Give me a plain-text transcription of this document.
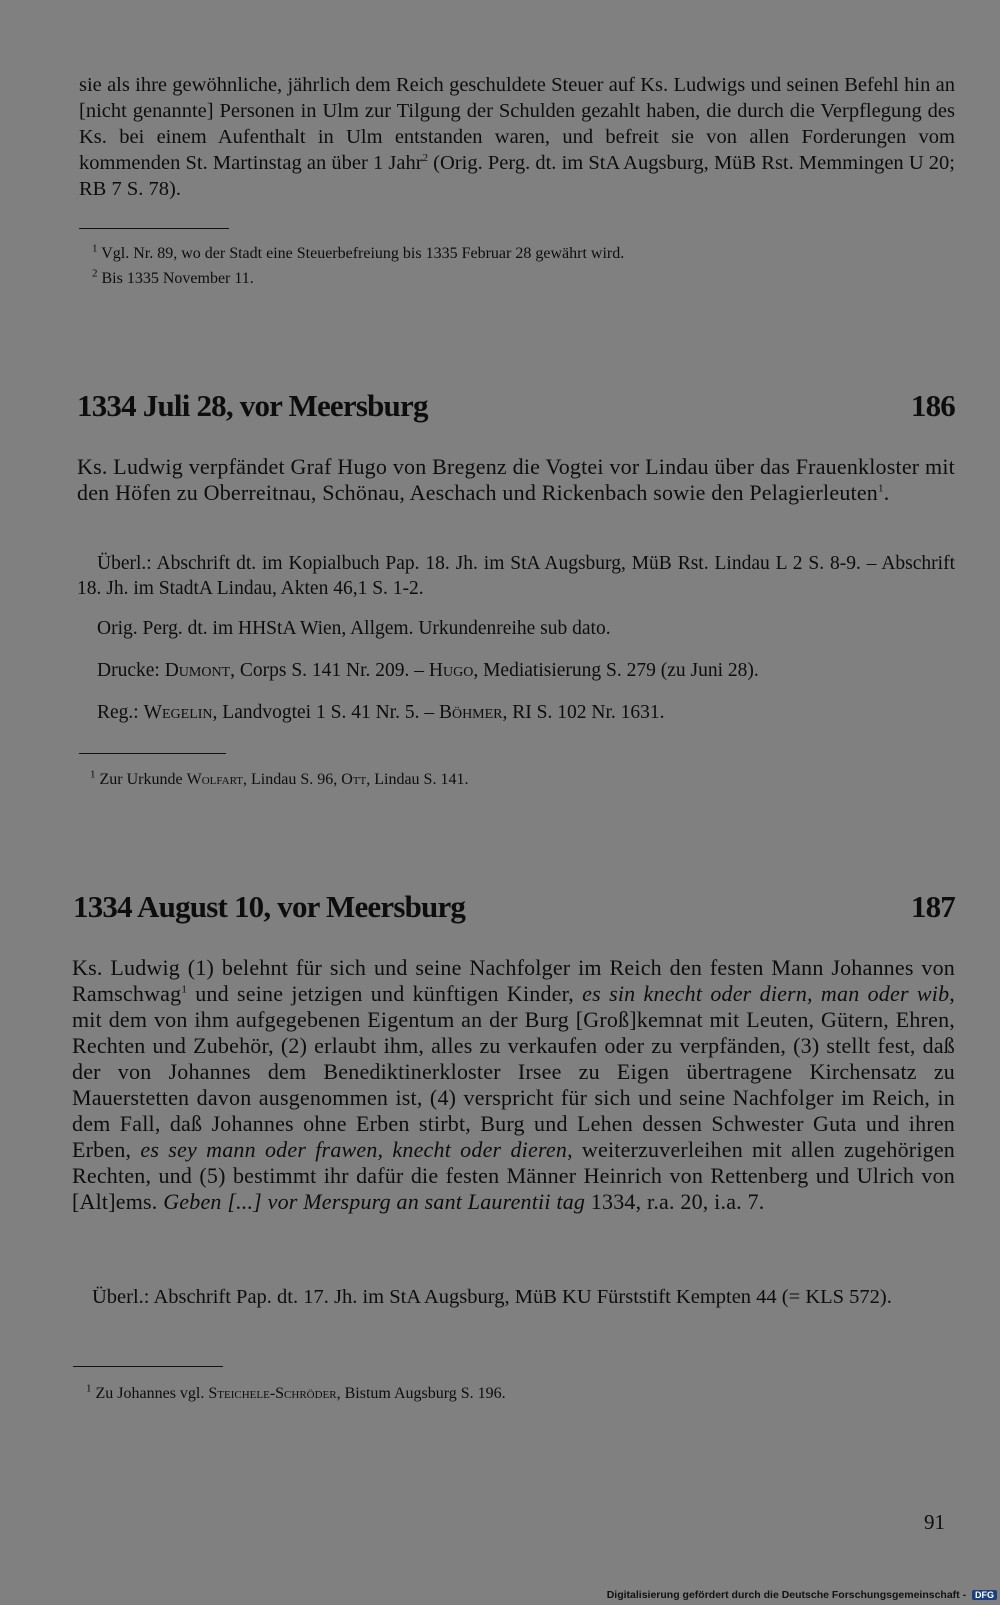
sie als ihre gewöhnliche, jährlich dem Reich geschuldete Steuer auf Ks. Ludwigs und seinen Befehl hin an [nicht genannte] Personen in Ulm zur Tilgung der Schulden gezahlt haben, die durch die Verpflegung des Ks. bei einem Aufenthalt in Ulm entstanden waren, und befreit sie von allen Forderungen vom kommenden St. Martinstag an über 1 Jahr$^2$ (Orig. Perg. dt. im StA Augsburg, MüB Rst. Memmingen U 20; RB 7 S. 78).

$^1$ Vgl. Nr. 89, wo der Stadt eine Steuerbefreiung bis 1335 Februar 28 gewährt wird.

$^2$ Bis 1335 November 11.

1334 Juli 28, vor Meersburg	186

Ks. Ludwig verpfändet Graf Hugo von Bregenz die Vogtei vor Lindau über das Frauenkloster mit den Höfen zu Oberreitnau, Schönau, Aeschach und Rickenbach sowie den Pelagierleuten$^1$.

Überl.: Abschrift dt. im Kopialbuch Pap. 18. Jh. im StA Augsburg, MüB Rst. Lindau L 2 S. 8-9. – Abschrift 18. Jh. im StadtA Lindau, Akten 46,1 S. 1-2.

Orig. Perg. dt. im HHStA Wien, Allgem. Urkundenreihe sub dato.

Drucke: Dumont, Corps S. 141 Nr. 209. – Hugo, Mediatisierung S. 279 (zu Juni 28).

Reg.: Wegelin, Landvogtei 1 S. 41 Nr. 5. – Böhmer, RI S. 102 Nr. 1631.

$^1$ Zur Urkunde Wolfart, Lindau S. 96, Ott, Lindau S. 141.

1334 August 10, vor Meersburg	187

Ks. Ludwig (1) belehnt für sich und seine Nachfolger im Reich den festen Mann Johannes von Ramschwag$^1$ und seine jetzigen und künftigen Kinder, es sin knecht oder diern, man oder wib, mit dem von ihm aufgegebenen Eigentum an der Burg [Groß]kemnat mit Leuten, Gütern, Ehren, Rechten und Zubehör, (2) erlaubt ihm, alles zu verkaufen oder zu verpfänden, (3) stellt fest, daß der von Johannes dem Benediktinerkloster Irsee zu Eigen übertragene Kirchensatz zu Mauerstetten davon ausgenommen ist, (4) verspricht für sich und seine Nachfolger im Reich, in dem Fall, daß Johannes ohne Erben stirbt, Burg und Lehen dessen Schwester Guta und ihren Erben, es sey mann oder frawen, knecht oder dieren, weiterzuverleihen mit allen zugehörigen Rechten, und (5) bestimmt ihr dafür die festen Männer Heinrich von Rettenberg und Ulrich von [Alt]ems. Geben [...] vor Merspurg an sant Laurentii tag 1334, r.a. 20, i.a. 7.

Überl.: Abschrift Pap. dt. 17. Jh. im StA Augsburg, MüB KU Fürststift Kempten 44 (= KLS 572).

$^1$ Zu Johannes vgl. Steichele-Schröder, Bistum Augsburg S. 196.

91
Digitalisierung gefördert durch die Deutsche Forschungsgemeinschaft - DFG
